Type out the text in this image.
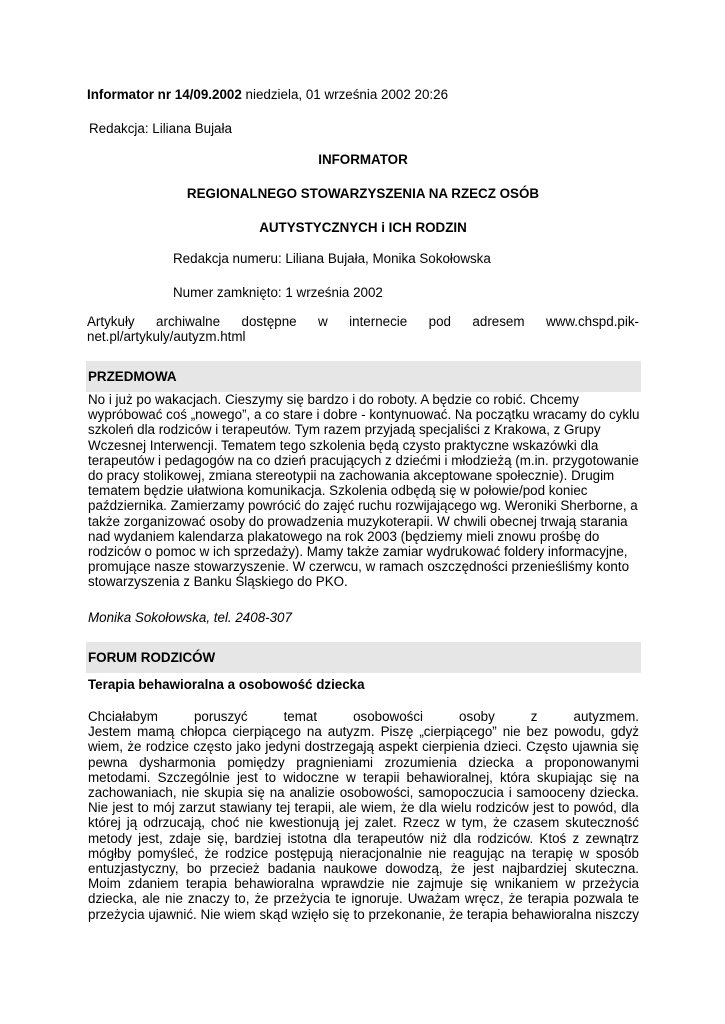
Informator nr 14/09.2002 niedziela, 01 września 2002 20:26

Redakcja: Liliana Bujała

INFORMATOR

REGIONALNEGO STOWARZYSZENIA NA RZECZ OSÓB

AUTYSTYCZNYCH i ICH RODZIN

Redakcja numeru: Liliana Bujała, Monika Sokołowska

Numer zamknięto: 1 września 2002

Artykuły archiwalne dostępne w internecie pod adresem www.chspd.pik-
net.pl/artykuly/autyzm.html
PRZEDMOWA
No i już po wakacjach. Cieszymy się bardzo i do roboty. A będzie co robić. Chcemy
wypróbować coś „nowego”, a co stare i dobre - kontynuować. Na początku wracamy do cyklu
szkoleń dla rodziców i terapeutów. Tym razem przyjadą specjaliści z Krakowa, z Grupy
Wczesnej Interwencji. Tematem tego szkolenia będą czysto praktyczne wskazówki dla
terapeutów i pedagogów na co dzień pracujących z dziećmi i młodzieżą (m.in. przygotowanie
do pracy stolikowej, zmiana stereotypii na zachowania akceptowane społecznie). Drugim
tematem będzie ułatwiona komunikacja. Szkolenia odbędą się w połowie/pod koniec
października. Zamierzamy powrócić do zajęć ruchu rozwijającego wg. Weroniki Sherborne, a
także zorganizować osoby do prowadzenia muzykoterapii. W chwili obecnej trwają starania
nad wydaniem kalendarza plakatowego na rok 2003 (będziemy mieli znowu prośbę do
rodziców o pomoc w ich sprzedaży). Mamy także zamiar wydrukować foldery informacyjne,
promujące nasze stowarzyszenie. W czerwcu, w ramach oszczędności przenieśliśmy konto
stowarzyszenia z Banku Śląskiego do PKO.

Monika Sokołowska, tel. 2408-307

FORUM RODZICÓW

Terapia behawioralna a osobowość dziecka

Chciałabym poruszyć temat osobowości osoby z autyzmem.
Jestem mamą chłopca cierpiącego na autyzm. Piszę „cierpiącego” nie bez powodu, gdyż
wiem, że rodzice często jako jedyni dostrzegają aspekt cierpienia dzieci. Często ujawnia się
pewna dysharmonia pomiędzy pragnieniami zrozumienia dziecka a proponowanymi
metodami. Szczególnie jest to widoczne w terapii behawioralnej, która skupiając się na
zachowaniach, nie skupia się na analizie osobowości, samopoczucia i samooceny dziecka.
Nie jest to mój zarzut stawiany tej terapii, ale wiem, że dla wielu rodziców jest to powód, dla
której ją odrzucają, choć nie kwestionują jej zalet. Rzecz w tym, że czasem skuteczność
metody jest, zdaje się, bardziej istotna dla terapeutów niż dla rodziców. Ktoś z zewnątrz
mógłby pomyśleć, że rodzice postępują nieracjonalnie nie reagując na terapię w sposób
entuzjastyczny, bo przecież badania naukowe dowodzą, że jest najbardziej skuteczna.
Moim zdaniem terapia behawioralna wprawdzie nie zajmuje się wnikaniem w przeżycia
dziecka, ale nie znaczy to, że przeżycia te ignoruje. Uważam wręcz, że terapia pozwala te
przeżycia ujawnić. Nie wiem skąd wzięło się to przekonanie, że terapia behawioralna niszczy
